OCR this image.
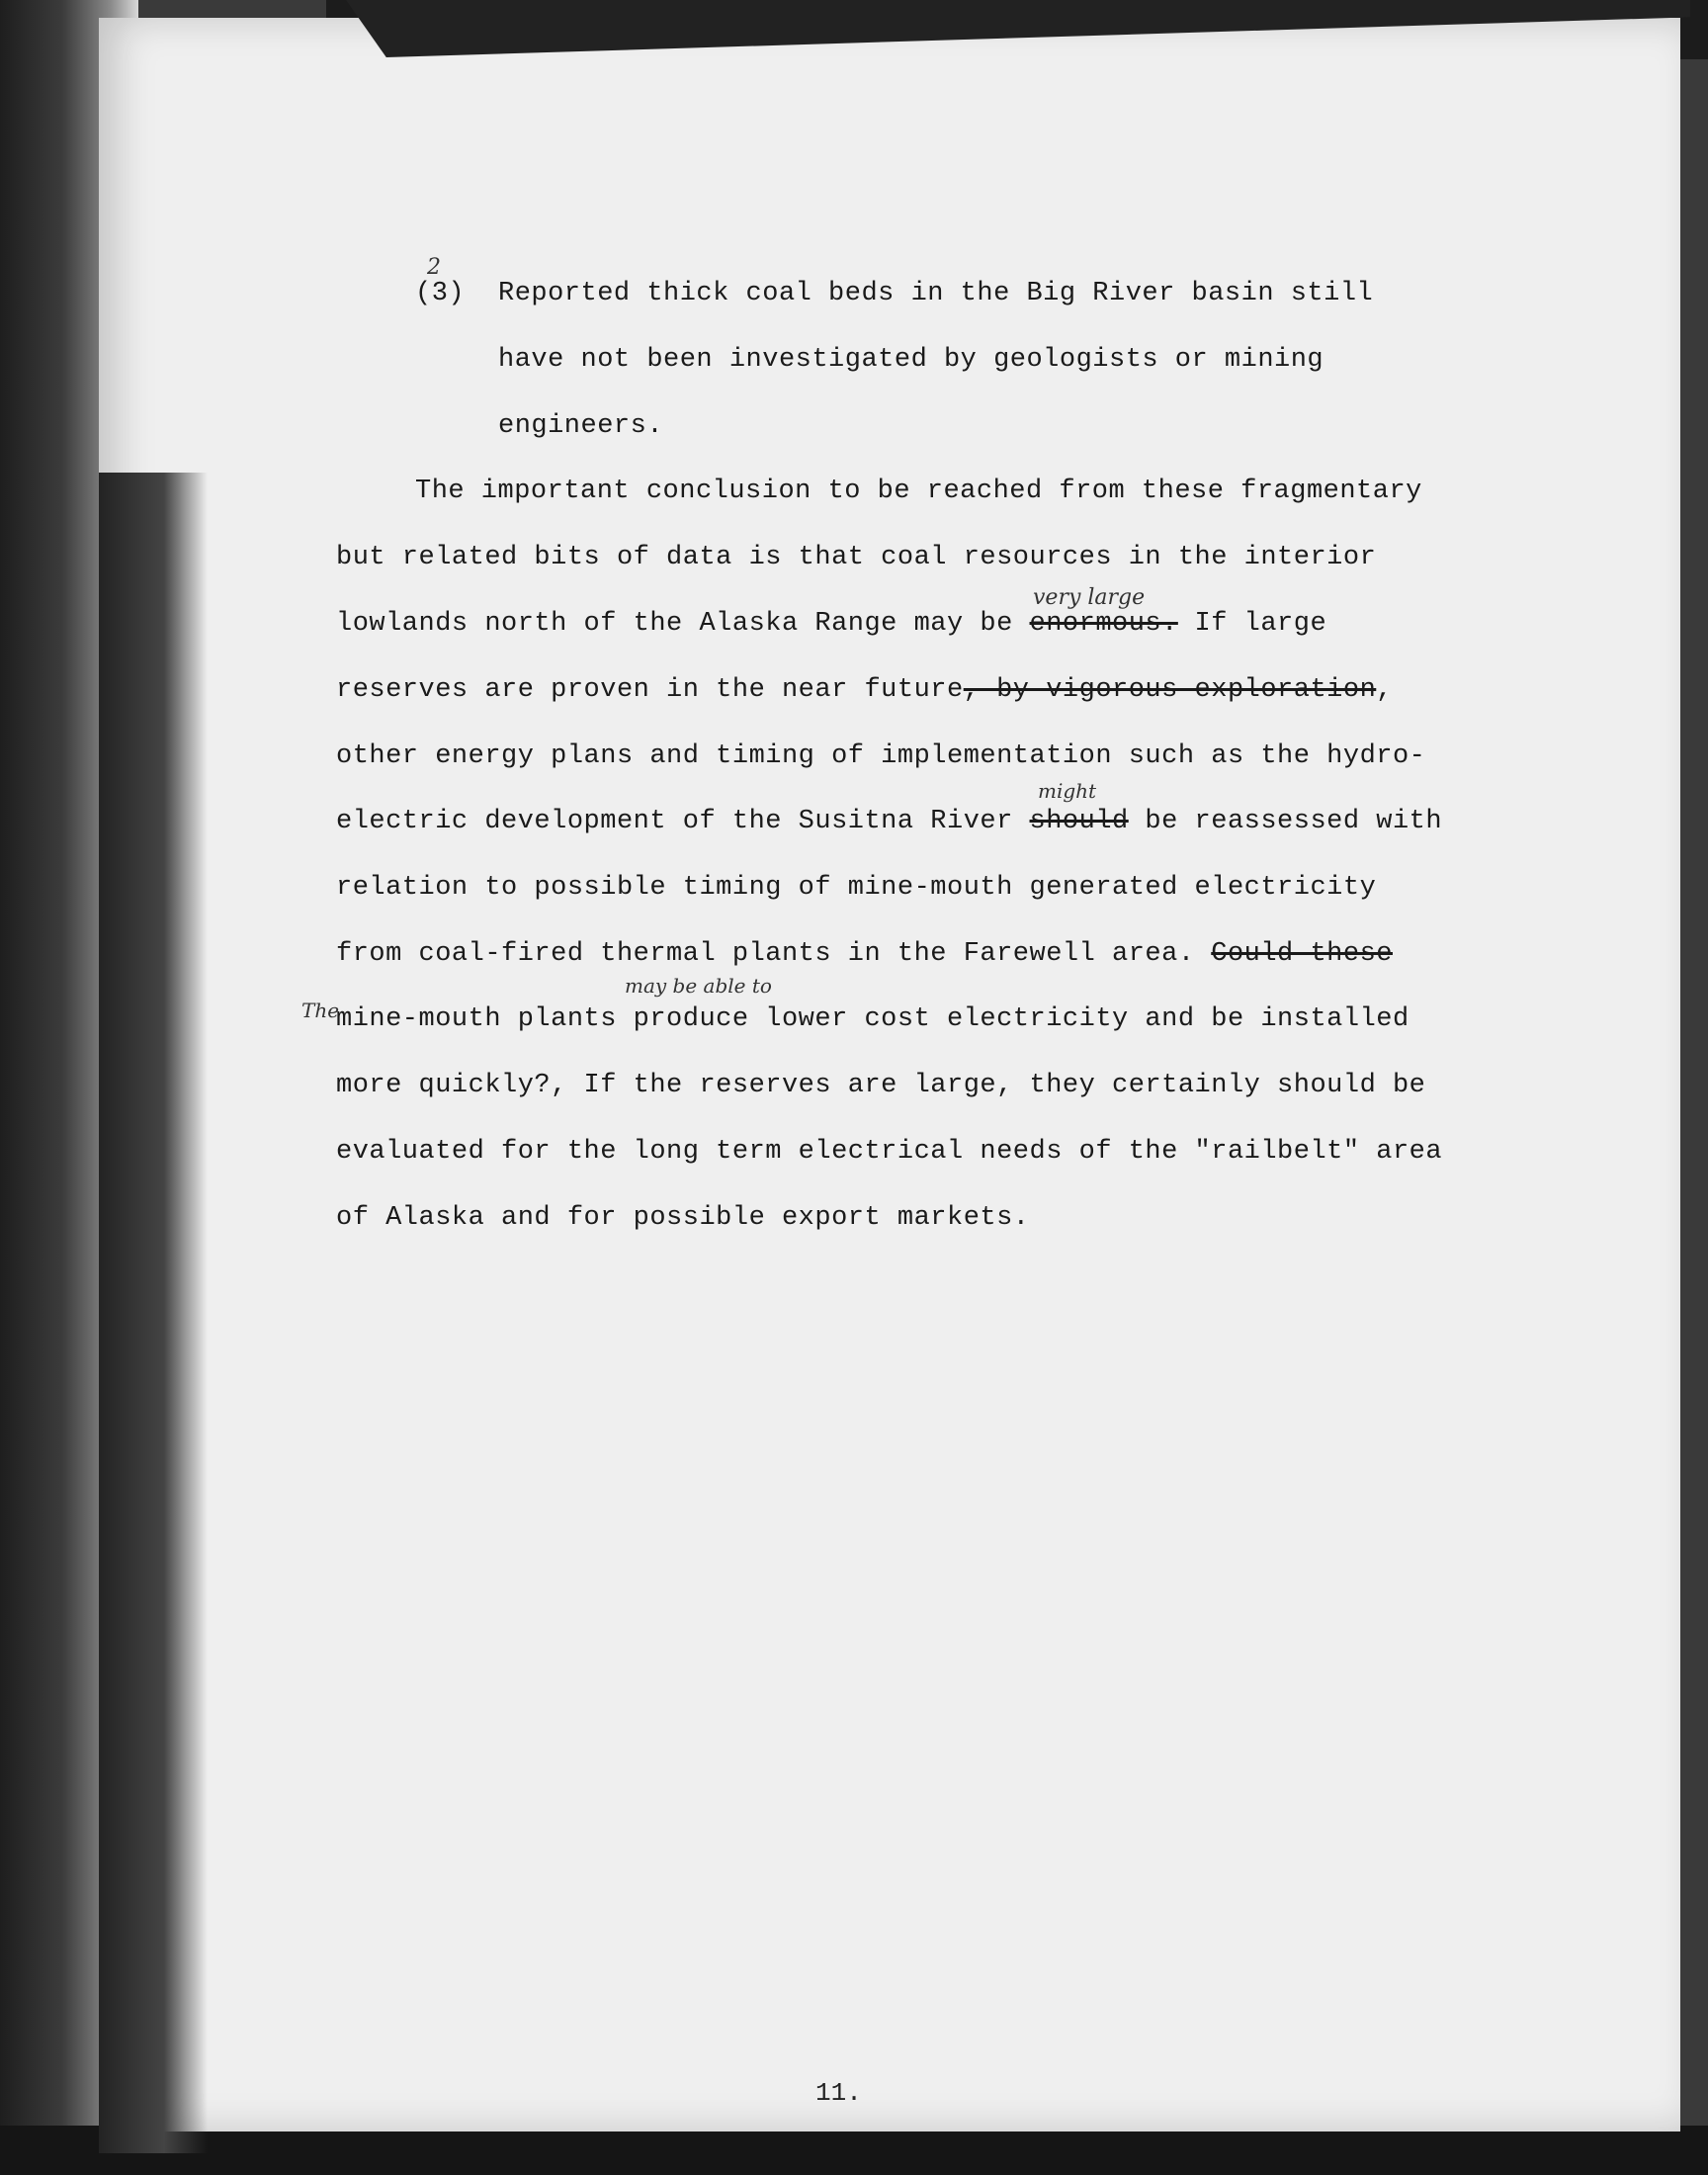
2
(3) Reported thick coal beds in the Big River basin still
have not been investigated by geologists or mining
engineers.
The important conclusion to be reached from these fragmentary
but related bits of data is that coal resources in the interior
very large
lowlands north of the Alaska Range may be enormous. If large
reserves are proven in the near future, by vigorous exploration,
other energy plans and timing of implementation such as the hydro-
might
electric development of the Susitna River should be reassessed with
relation to possible timing of mine-mouth generated electricity
from coal-fired thermal plants in the Farewell area. Could these
The
may be able to
mine-mouth plants produce lower cost electricity and be installed
more quickly?, If the reserves are large, they certainly should be
evaluated for the long term electrical needs of the "railbelt" area
of Alaska and for possible export markets.
11.
